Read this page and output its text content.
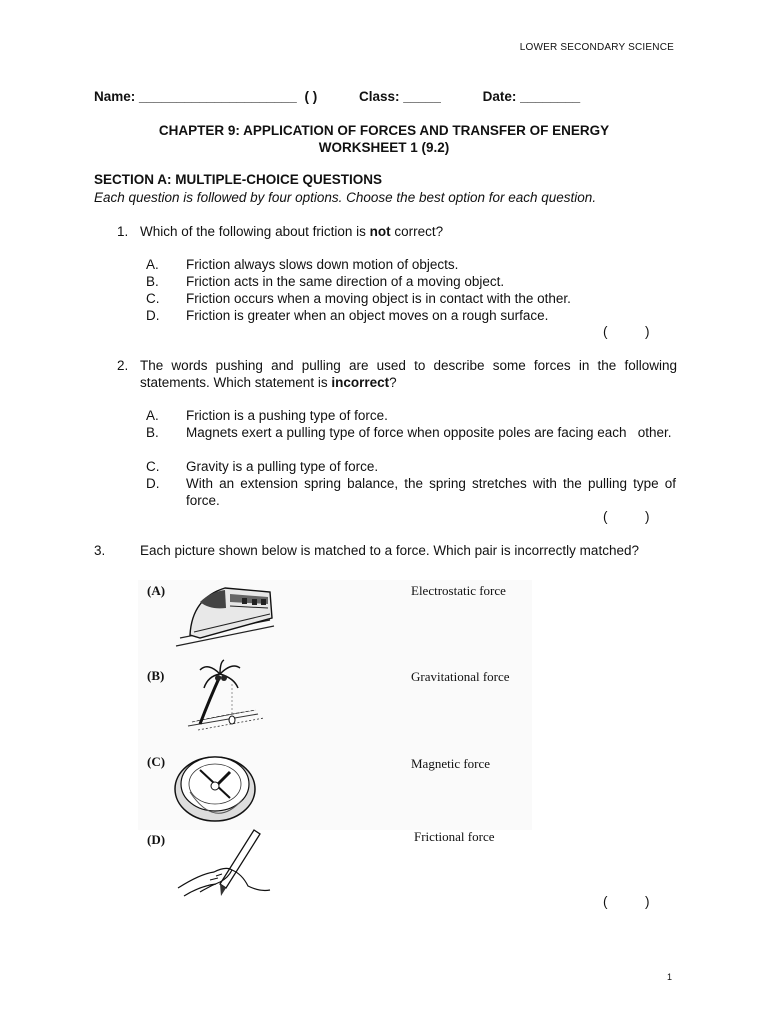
LOWER SECONDARY SCIENCE
Name: _____________________ ( )	Class: _____	Date: ________
CHAPTER 9: APPLICATION OF FORCES AND TRANSFER OF ENERGY
WORKSHEET 1 (9.2)
SECTION A: MULTIPLE-CHOICE QUESTIONS
Each question is followed by four options. Choose the best option for each question.
1. Which of the following about friction is not correct?
A. Friction always slows down motion of objects.
B. Friction acts in the same direction of a moving object.
C. Friction occurs when a moving object is in contact with the other.
D. Friction is greater when an object moves on a rough surface.
(          )
2. The words pushing and pulling are used to describe some forces in the following statements. Which statement is incorrect?
A. Friction is a pushing type of force.
B. Magnets exert a pulling type of force when opposite poles are facing each   other.
C. Gravity is a pulling type of force.
D. With an extension spring balance, the spring stretches with the pulling type of force.
(          )
3.	Each picture shown below is matched to a force. Which pair is incorrectly matched?
(A)	Electrostatic force
(B)	Gravitational force
(C)	Magnetic force
(D)	Frictional force
(          )
1
